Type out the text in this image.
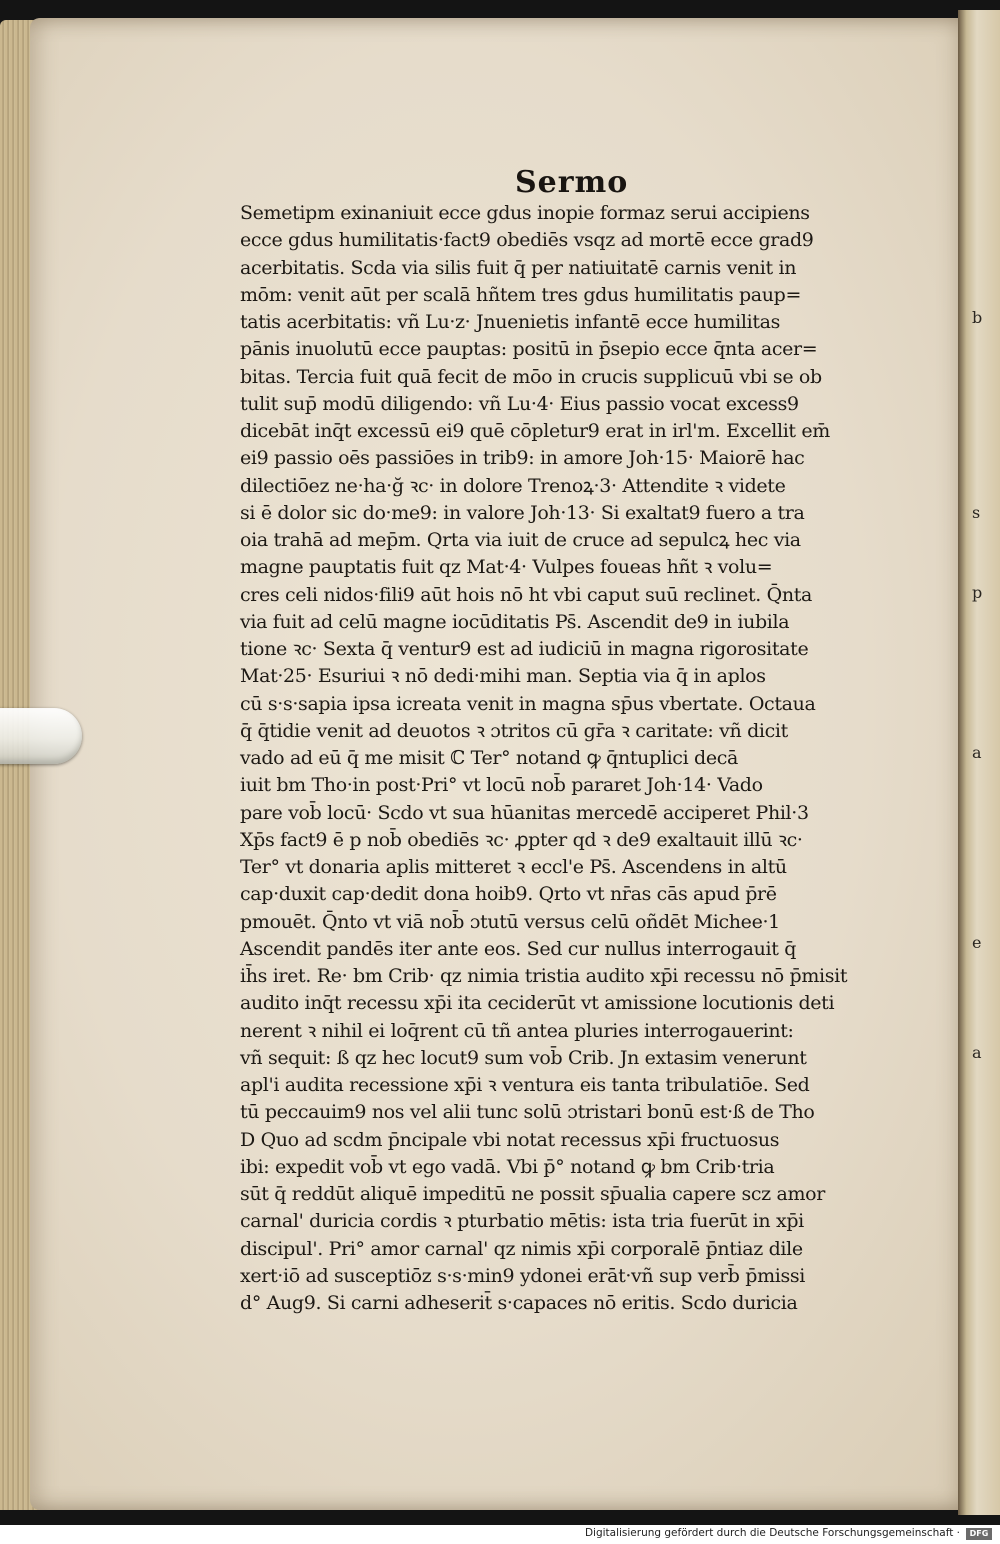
b
s
p
a
e
a
Sermo
Semetipm exinaniuit ecce gdus inopie formaz serui accipiens
ecce gdus humilitatis·fact9 obediēs vsqz ad mortē ecce grad9
acerbitatis. Scda via silis fuit q̄ per natiuitatē carnis venit in
mōm: venit aūt per scalā hñtem tres gdus humilitatis paup=
tatis acerbitatis: vñ Lu·z· Jnuenietis infantē ecce humilitas
pānis inuolutū ecce pauptas: positū in p̄sepio ecce q̄nta acer=
bitas. Tercia fuit quā fecit de mōo in crucis supplicuū vbi se ob
tulit sup̄ modū diligendo: vñ Lu·4· Eius passio vocat excess9
dicebāt inq̄t excessū ei9 quē cōpletur9 erat in irl'm. Excellit em̄
ei9 passio oēs passiōes in trib9: in amore Joh·15· Maiorē hac
dilectiōez ne·ha·ğ ꝛc· in dolore Trenoꝝ·3· Attendite ꝛ videte
si ē dolor sic do·me9: in valore Joh·13· Si exaltat9 fuero a tra
oia trahā ad mep̄m. Qrta via iuit de cruce ad sepulcꝝ hec via
magne pauptatis fuit qz Mat·4· Vulpes foueas hñt ꝛ volu=
cres celi nidos·fili9 aūt hois nō ht vbi caput suū reclinet. Q̄nta
via fuit ad celū magne iocūditatis Ps̄. Ascendit de9 in iubila
tione ꝛc· Sexta q̄ ventur9 est ad iudiciū in magna rigorositate
Mat·25· Esuriui ꝛ nō dedi·mihi man. Septia via q̄ in aplos
cū s·s·sapia ipsa icreata venit in magna sp̄us vbertate. Octaua
q̄ q̄tidie venit ad deuotos ꝛ ɔtritos cū gr̄a ꝛ caritate: vñ dicit
vado ad eū q̄ me misit ℂ Ter° notand ꝙ q̄ntuplici decā
iuit bm Tho·in post·Pri° vt locū nob̄ pararet Joh·14· Vado
pare vob̄ locū· Scdo vt sua hūanitas mercedē acciperet Phil·3
Xp̄s fact9 ē p nob̄ obediēs ꝛc· ꝓpter qd ꝛ de9 exaltauit illū ꝛc·
Ter° vt donaria aplis mitteret ꝛ eccl'e Ps̄. Ascendens in altū
cap·duxit cap·dedit dona hoib9. Qrto vt nr̄as cās apud p̄rē
pmouēt. Q̄nto vt viā nob̄ ɔtutū versus celū oñdēt Michee·1
Ascendit pandēs iter ante eos. Sed cur nullus interrogauit q̄
ih̄s iret. Re· bm Crib· qz nimia tristia audito xp̄i recessu nō p̄misit
audito inq̄t recessu xp̄i ita ceciderūt vt amissione locutionis deti
nerent ꝛ nihil ei loq̄rent cū tñ antea pluries interrogauerint:
vñ sequit: ß qz hec locut9 sum vob̄ Crib. Jn extasim venerunt
apl'i audita recessione xp̄i ꝛ ventura eis tanta tribulatiōe. Sed
tū peccauim9 nos vel alii tunc solū ɔtristari bonū est·ß de Tho
D Quo ad scdm p̄ncipale vbi notat recessus xp̄i fructuosus
ibi: expedit vob̄ vt ego vadā. Vbi p̄° notand ꝙ bm Crib·tria
sūt q̄ reddūt aliquē impeditū ne possit sp̄ualia capere scz amor
carnal' duricia cordis ꝛ pturbatio mētis: ista tria fuerūt in xp̄i
discipul'. Pri° amor carnal' qz nimis xp̄i corporalē p̄ntiaz dile
xert·iō ad susceptiōz s·s·min9 ydonei erāt·vñ sup verb̄ p̄missi
d° Aug9. Si carni adheserit̄ s·capaces nō eritis. Scdo duricia
Digitalisierung gefördert durch die Deutsche Forschungsgemeinschaft ·	DFG
